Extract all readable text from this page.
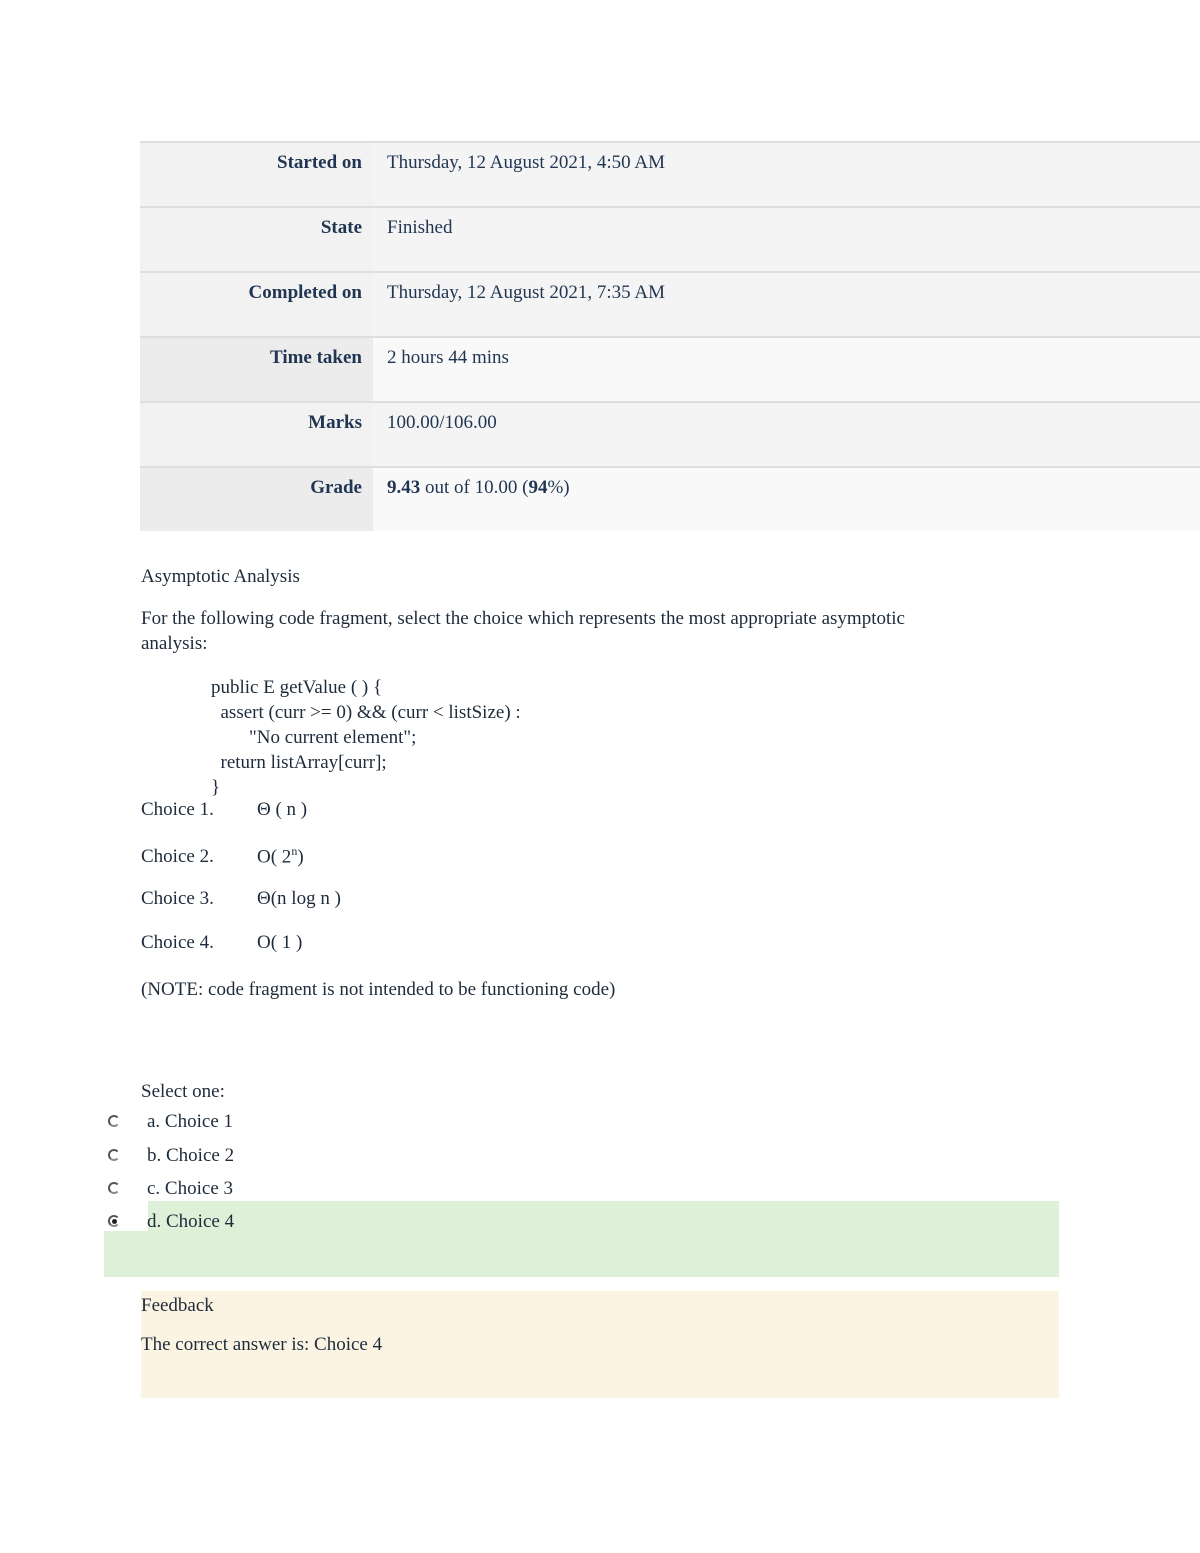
Started on	Thursday, 12 August 2021, 4:50 AM
State	Finished
Completed on	Thursday, 12 August 2021, 7:35 AM
Time taken	2 hours 44 mins
Marks	100.00/106.00
Grade	9.43 out of 10.00 (94%)
Asymptotic Analysis
For the following code fragment, select the choice which represents the most appropriate asymptotic
analysis:
public E getValue ( ) {
assert (curr >= 0) && (curr < listSize) :
"No current element";
return listArray[curr];
}
Choice 1. Θ ( n )
Choice 2. O( 2$^n$)
Choice 3. Θ(n log n )
Choice 4. O( 1 )
(NOTE: code fragment is not intended to be functioning code)
Select one:
a. Choice 1
b. Choice 2
c. Choice 3
d. Choice 4
Feedback
The correct answer is: Choice 4
